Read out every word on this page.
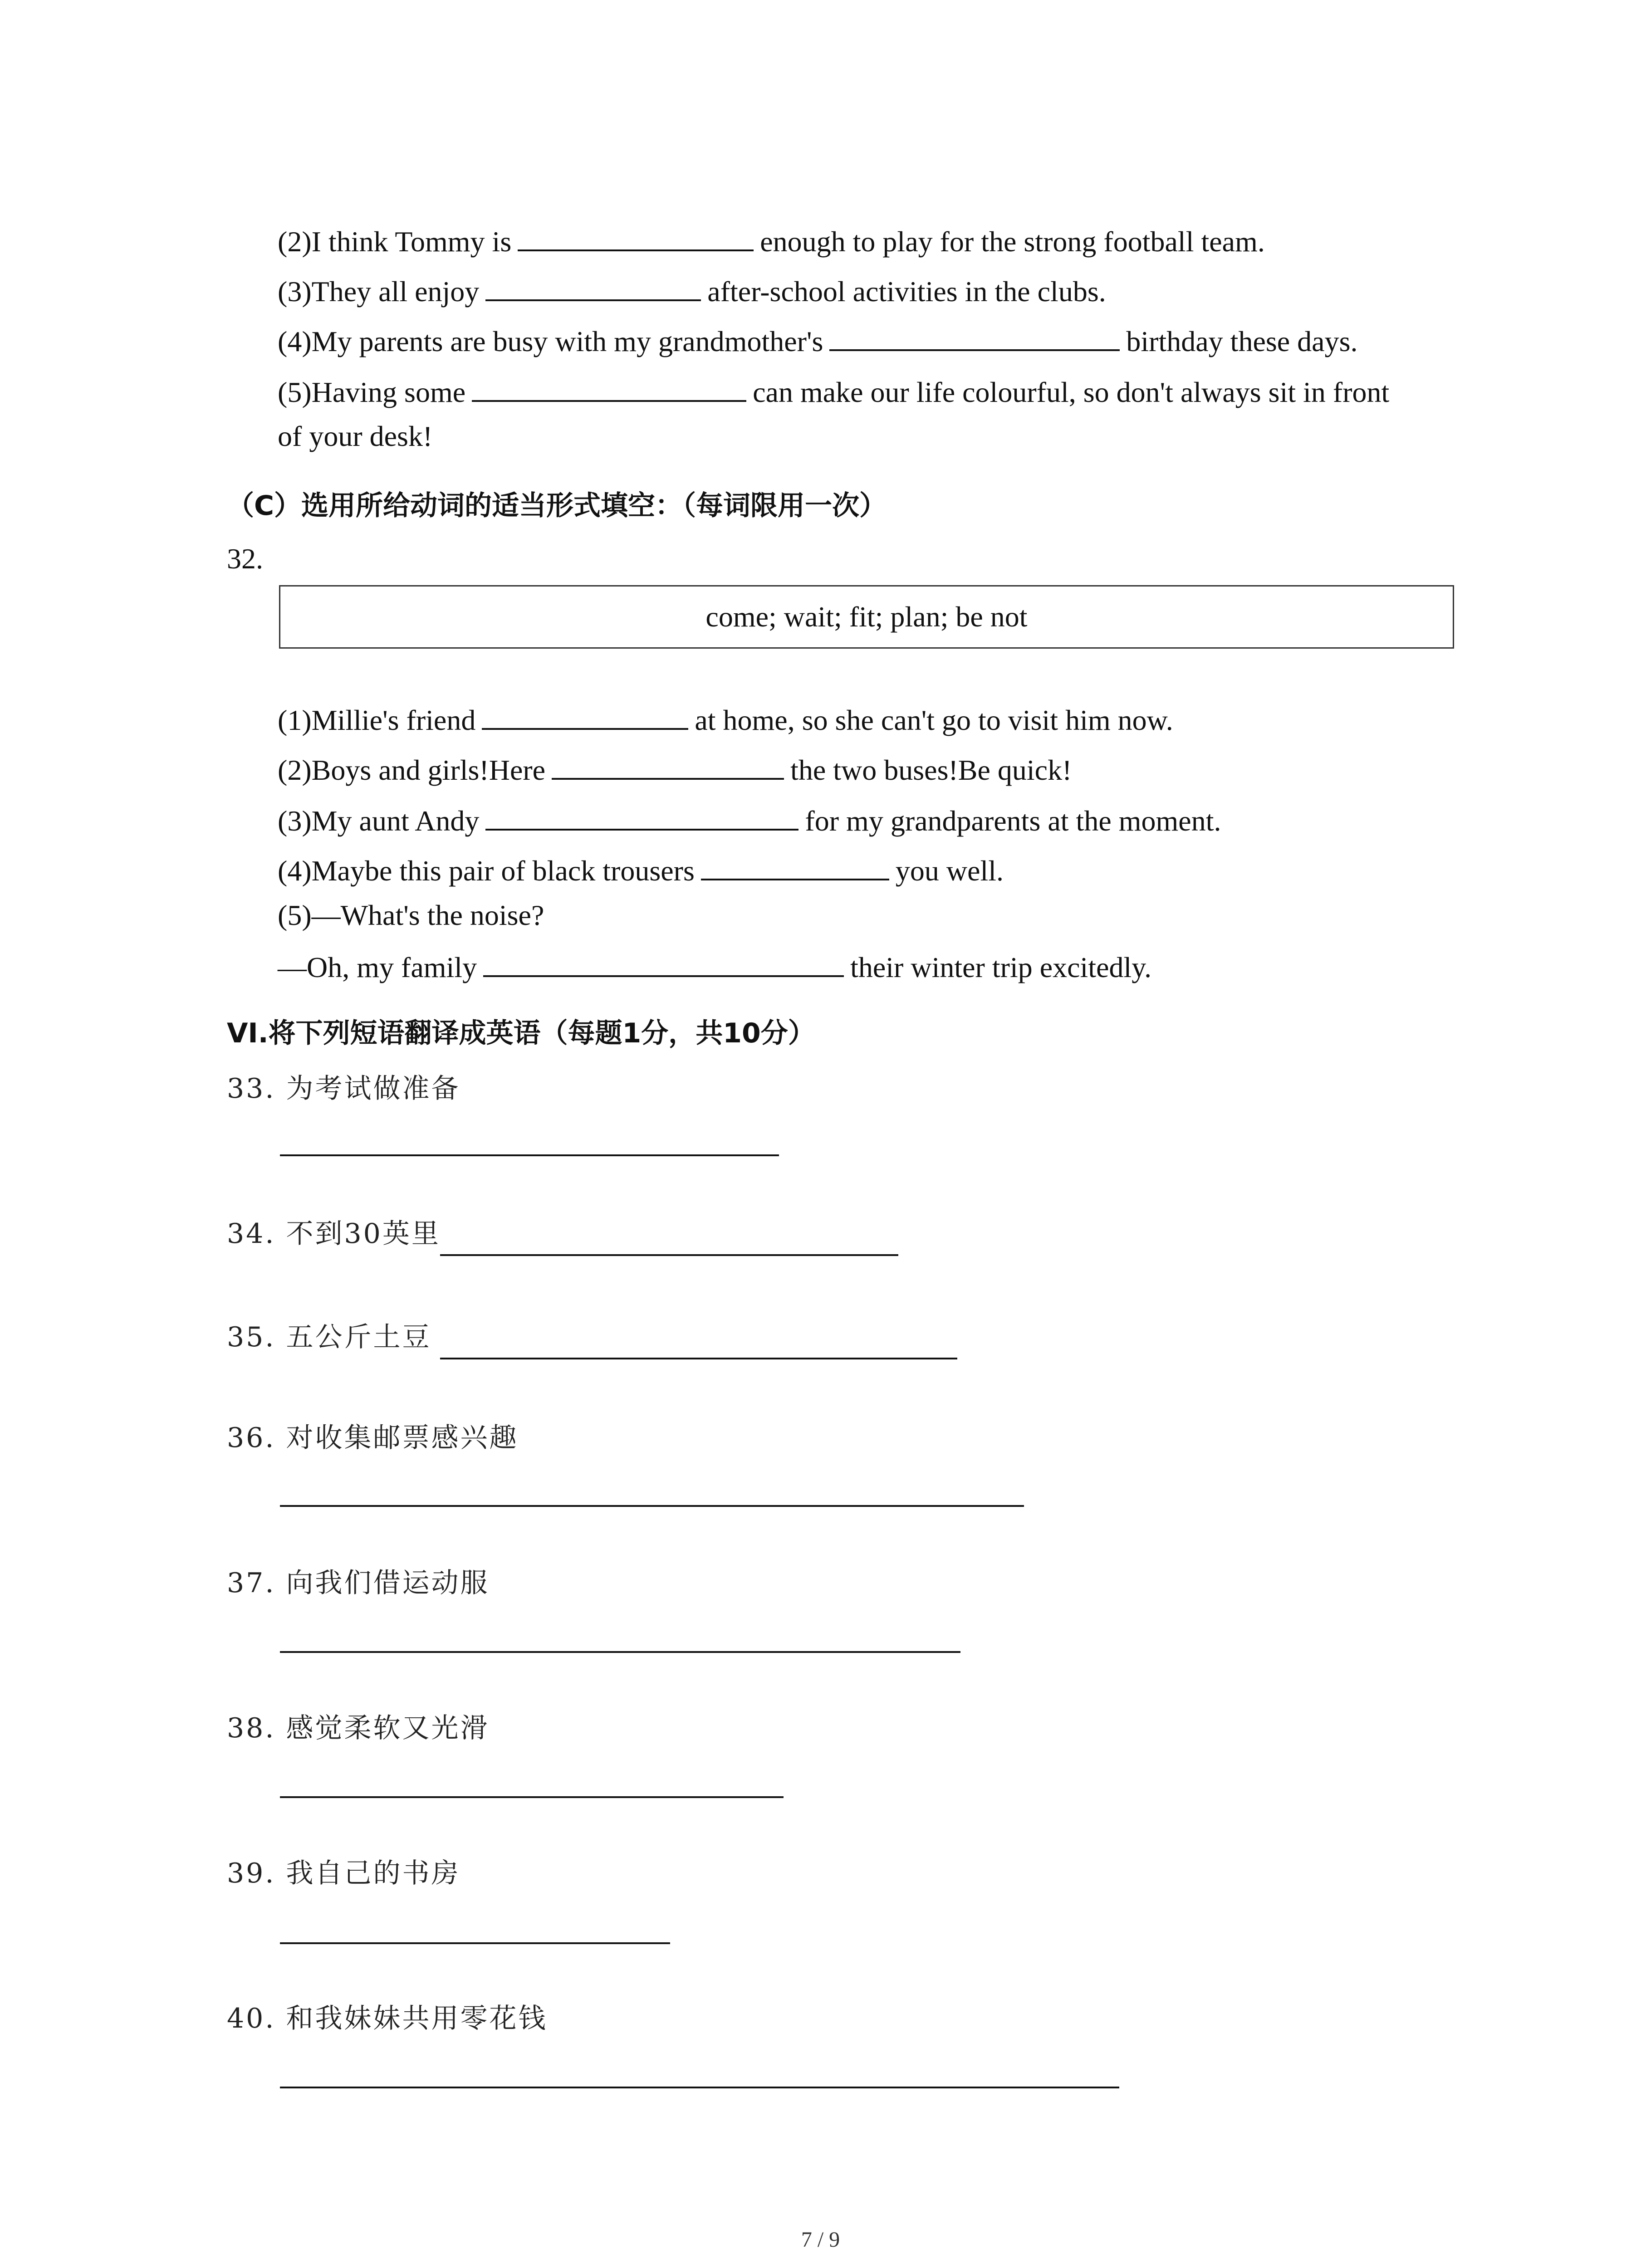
(2)I think Tommy is	enough to play for the strong football team.
(3)They all enjoy	after-school activities in the clubs.
(4)My parents are busy with my grandmother's	birthday these days.
(5)Having some	can make our life colourful, so don't always sit in front
of your desk!
（C）选用所给动词的适当形式填空：（每词限用一次）
32.
come; wait; fit; plan; be not
(1)Millie's friend	at home, so she can't go to visit him now.
(2)Boys and girls!Here	the two buses!Be quick!
(3)My aunt Andy	for my grandparents at the moment.
(4)Maybe this pair of black trousers	you well.
(5)—What's the noise?
—Oh, my family	their winter trip excitedly.
VI.将下列短语翻译成英语（每题1分，共10分）
33. 为考试做准备
34. 不到30英里
35. 五公斤土豆
36. 对收集邮票感兴趣
37. 向我们借运动服
38. 感觉柔软又光滑
39. 我自己的书房
40. 和我妹妹共用零花钱
7 / 9
